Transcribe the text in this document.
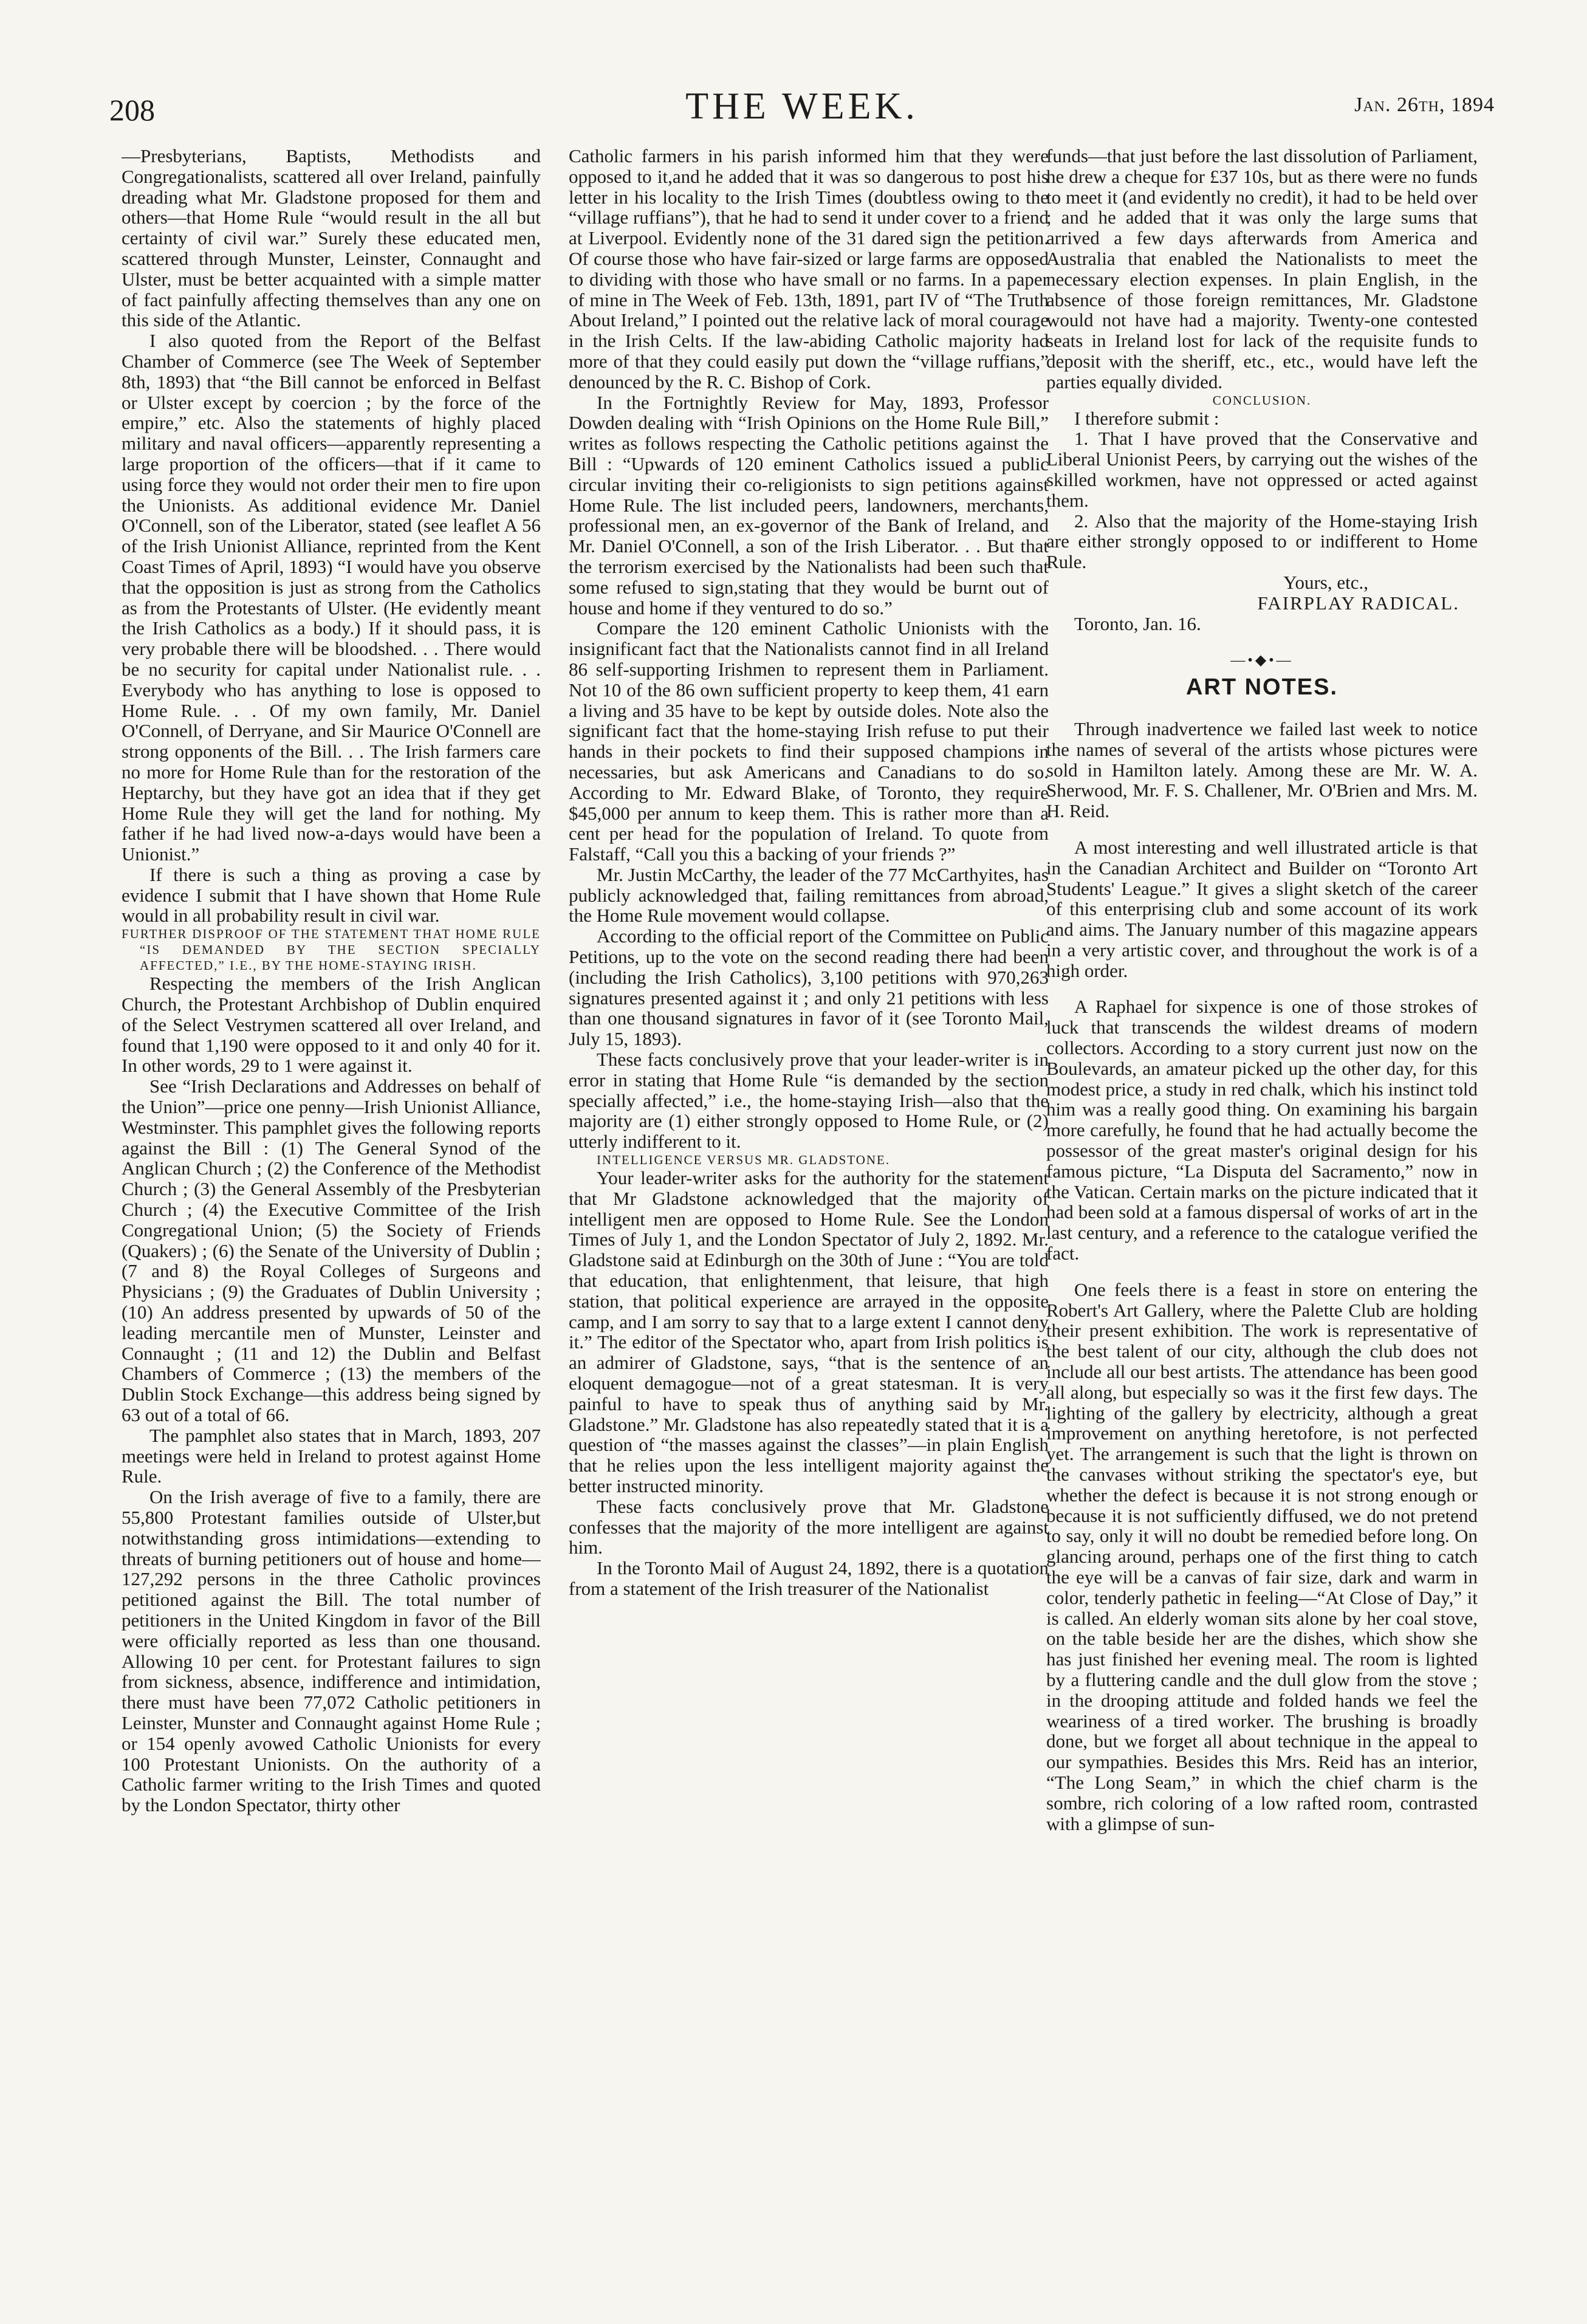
208	THE WEEK.	Jan. 26th, 1894

—Presbyterians, Baptists, Methodists and Congregationalists, scattered all over Ireland, painfully dreading what Mr. Gladstone proposed for them and others—that Home Rule “would result in the all but certainty of civil war.” Surely these educated men, scattered through Munster, Leinster, Connaught and Ulster, must be better acquainted with a simple matter of fact painfully affecting themselves than any one on this side of the Atlantic.

I also quoted from the Report of the Belfast Chamber of Commerce (see The Week of September 8th, 1893) that “the Bill cannot be enforced in Belfast or Ulster except by coercion ; by the force of the empire,” etc. Also the statements of highly placed military and naval officers—apparently representing a large proportion of the officers—that if it came to using force they would not order their men to fire upon the Unionists. As additional evidence Mr. Daniel O'Connell, son of the Liberator, stated (see leaflet A 56 of the Irish Unionist Alliance, reprinted from the Kent Coast Times of April, 1893) “I would have you observe that the opposition is just as strong from the Catholics as from the Protestants of Ulster. (He evidently meant the Irish Catholics as a body.) If it should pass, it is very probable there will be bloodshed. . . There would be no security for capital under Nationalist rule. . . Everybody who has anything to lose is opposed to Home Rule. . . Of my own family, Mr. Daniel O'Connell, of Derryane, and Sir Maurice O'Connell are strong opponents of the Bill. . . The Irish farmers care no more for Home Rule than for the restoration of the Heptarchy, but they have got an idea that if they get Home Rule they will get the land for nothing. My father if he had lived now-a-days would have been a Unionist.”

If there is such a thing as proving a case by evidence I submit that I have shown that Home Rule would in all probability result in civil war.

FURTHER DISPROOF OF THE STATEMENT THAT HOME RULE “IS DEMANDED BY THE SECTION SPECIALLY AFFECTED,” I.E., BY THE HOME-STAYING IRISH.

Respecting the members of the Irish Anglican Church, the Protestant Archbishop of Dublin enquired of the Select Vestrymen scattered all over Ireland, and found that 1,190 were opposed to it and only 40 for it. In other words, 29 to 1 were against it.

See “Irish Declarations and Addresses on behalf of the Union”—price one penny—Irish Unionist Alliance, Westminster. This pamphlet gives the following reports against the Bill : (1) The General Synod of the Anglican Church ; (2) the Conference of the Methodist Church ; (3) the General Assembly of the Presbyterian Church ; (4) the Executive Committee of the Irish Congregational Union; (5) the Society of Friends (Quakers) ; (6) the Senate of the University of Dublin ; (7 and 8) the Royal Colleges of Surgeons and Physicians ; (9) the Graduates of Dublin University ; (10) An address presented by upwards of 50 of the leading mercantile men of Munster, Leinster and Connaught ; (11 and 12) the Dublin and Belfast Chambers of Commerce ; (13) the members of the Dublin Stock Exchange—this address being signed by 63 out of a total of 66.

The pamphlet also states that in March, 1893, 207 meetings were held in Ireland to protest against Home Rule.

On the Irish average of five to a family, there are 55,800 Protestant families outside of Ulster,but notwithstanding gross intimidations—extending to threats of burning petitioners out of house and home—127,292 persons in the three Catholic provinces petitioned against the Bill. The total number of petitioners in the United Kingdom in favor of the Bill were officially reported as less than one thousand. Allowing 10 per cent. for Protestant failures to sign from sickness, absence, indifference and intimidation, there must have been 77,072 Catholic petitioners in Leinster, Munster and Connaught against Home Rule ; or 154 openly avowed Catholic Unionists for every 100 Protestant Unionists. On the authority of a Catholic farmer writing to the Irish Times and quoted by the London Spectator, thirty other

Catholic farmers in his parish informed him that they were opposed to it,and he added that it was so dangerous to post his letter in his locality to the Irish Times (doubtless owing to the “village ruffians”), that he had to send it under cover to a friend at Liverpool. Evidently none of the 31 dared sign the petition. Of course those who have fair-sized or large farms are opposed to dividing with those who have small or no farms. In a paper of mine in The Week of Feb. 13th, 1891, part IV of “The Truth About Ireland,” I pointed out the relative lack of moral courage in the Irish Celts. If the law-abiding Catholic majority had more of that they could easily put down the “village ruffians,” denounced by the R. C. Bishop of Cork.

In the Fortnightly Review for May, 1893, Professor Dowden dealing with “Irish Opinions on the Home Rule Bill,” writes as follows respecting the Catholic petitions against the Bill : “Upwards of 120 eminent Catholics issued a public circular inviting their co-religionists to sign petitions against Home Rule. The list included peers, landowners, merchants, professional men, an ex-governor of the Bank of Ireland, and Mr. Daniel O'Connell, a son of the Irish Liberator. . . But that the terrorism exercised by the Nationalists had been such that some refused to sign,stating that they would be burnt out of house and home if they ventured to do so.”

Compare the 120 eminent Catholic Unionists with the insignificant fact that the Nationalists cannot find in all Ireland 86 self-supporting Irishmen to represent them in Parliament. Not 10 of the 86 own sufficient property to keep them, 41 earn a living and 35 have to be kept by outside doles. Note also the significant fact that the home-staying Irish refuse to put their hands in their pockets to find their supposed champions in necessaries, but ask Americans and Canadians to do so. According to Mr. Edward Blake, of Toronto, they require $45,000 per annum to keep them. This is rather more than a cent per head for the population of Ireland. To quote from Falstaff, “Call you this a backing of your friends ?”

Mr. Justin McCarthy, the leader of the 77 McCarthyites, has publicly acknowledged that, failing remittances from abroad, the Home Rule movement would collapse.

According to the official report of the Committee on Public Petitions, up to the vote on the second reading there had been (including the Irish Catholics), 3,100 petitions with 970,263 signatures presented against it ; and only 21 petitions with less than one thousand signatures in favor of it (see Toronto Mail, July 15, 1893).

These facts conclusively prove that your leader-writer is in error in stating that Home Rule “is demanded by the section specially affected,” i.e., the home-staying Irish—also that the majority are (1) either strongly opposed to Home Rule, or (2) utterly indifferent to it.

INTELLIGENCE VERSUS MR. GLADSTONE.

Your leader-writer asks for the authority for the statement that Mr Gladstone acknowledged that the majority of intelligent men are opposed to Home Rule. See the London Times of July 1, and the London Spectator of July 2, 1892. Mr. Gladstone said at Edinburgh on the 30th of June : “You are told that education, that enlightenment, that leisure, that high station, that political experience are arrayed in the opposite camp, and I am sorry to say that to a large extent I cannot deny it.” The editor of the Spectator who, apart from Irish politics is an admirer of Gladstone, says, “that is the sentence of an eloquent demagogue—not of a great statesman. It is very painful to have to speak thus of anything said by Mr. Gladstone.” Mr. Gladstone has also repeatedly stated that it is a question of “the masses against the classes”—in plain English that he relies upon the less intelligent majority against the better instructed minority.

These facts conclusively prove that Mr. Gladstone confesses that the majority of the more intelligent are against him.

In the Toronto Mail of August 24, 1892, there is a quotation from a statement of the Irish treasurer of the Nationalist

funds—that just before the last dissolution of Parliament, he drew a cheque for £37 10s, but as there were no funds to meet it (and evidently no credit), it had to be held over ; and he added that it was only the large sums that arrived a few days afterwards from America and Australia that enabled the Nationalists to meet the necessary election expenses. In plain English, in the absence of those foreign remittances, Mr. Gladstone would not have had a majority. Twenty-one contested seats in Ireland lost for lack of the requisite funds to deposit with the sheriff, etc., etc., would have left the parties equally divided.

CONCLUSION.

I therefore submit :

1. That I have proved that the Conservative and Liberal Unionist Peers, by carrying out the wishes of the skilled workmen, have not oppressed or acted against them.

2. Also that the majority of the Home-staying Irish are either strongly opposed to or indifferent to Home Rule.

Yours, etc.,

FAIRPLAY RADICAL.

Toronto, Jan. 16.

—•◆•—
ART NOTES.

Through inadvertence we failed last week to notice the names of several of the artists whose pictures were sold in Hamilton lately. Among these are Mr. W. A. Sherwood, Mr. F. S. Challener, Mr. O'Brien and Mrs. M. H. Reid.

A most interesting and well illustrated article is that in the Canadian Architect and Builder on “Toronto Art Students' League.” It gives a slight sketch of the career of this enterprising club and some account of its work and aims. The January number of this magazine appears in a very artistic cover, and throughout the work is of a high order.

A Raphael for sixpence is one of those strokes of luck that transcends the wildest dreams of modern collectors. According to a story current just now on the Boulevards, an amateur picked up the other day, for this modest price, a study in red chalk, which his instinct told him was a really good thing. On examining his bargain more carefully, he found that he had actually become the possessor of the great master's original design for his famous picture, “La Disputa del Sacramento,” now in the Vatican. Certain marks on the picture indicated that it had been sold at a famous dispersal of works of art in the last century, and a reference to the catalogue verified the fact.

One feels there is a feast in store on entering the Robert's Art Gallery, where the Palette Club are holding their present exhibition. The work is representative of the best talent of our city, although the club does not include all our best artists. The attendance has been good all along, but especially so was it the first few days. The lighting of the gallery by electricity, although a great improvement on anything heretofore, is not perfected yet. The arrangement is such that the light is thrown on the canvases without striking the spectator's eye, but whether the defect is because it is not strong enough or because it is not sufficiently diffused, we do not pretend to say, only it will no doubt be remedied before long. On glancing around, perhaps one of the first thing to catch the eye will be a canvas of fair size, dark and warm in color, tenderly pathetic in feeling—“At Close of Day,” it is called. An elderly woman sits alone by her coal stove, on the table beside her are the dishes, which show she has just finished her evening meal. The room is lighted by a fluttering candle and the dull glow from the stove ; in the drooping attitude and folded hands we feel the weariness of a tired worker. The brushing is broadly done, but we forget all about technique in the appeal to our sympathies. Besides this Mrs. Reid has an interior, “The Long Seam,” in which the chief charm is the sombre, rich coloring of a low rafted room, contrasted with a glimpse of sun-
